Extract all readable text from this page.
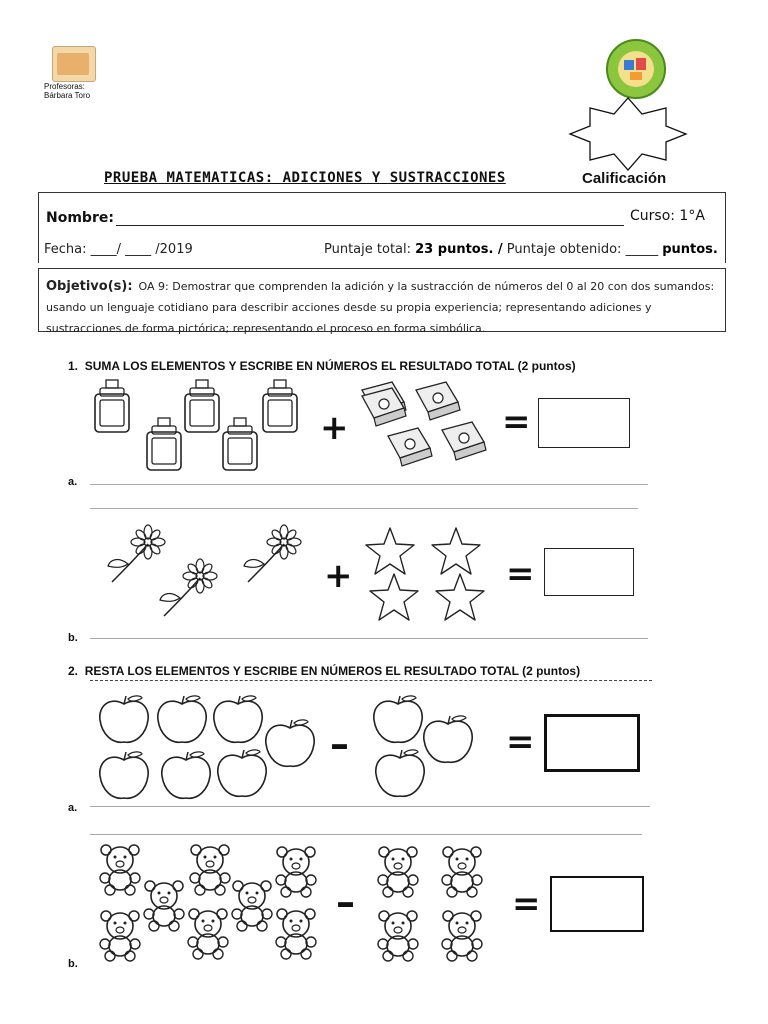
Profesoras:
Bárbara Toro
PRUEBA MATEMATICAS: ADICIONES Y SUSTRACCIONES	Calificación
Nombre:	Curso: 1°A
Fecha: ____/ ____ /2019	Puntaje total: 23 puntos. / Puntaje obtenido: _____ puntos.
Objetivo(s): OA 9: Demostrar que comprenden la adición y la sustracción de números del 0 al 20 con dos sumandos: usando un lenguaje cotidiano para describir acciones desde su propia experiencia; representando adiciones y sustracciones de forma pictórica; representando el proceso en forma simbólica.
1. SUMA LOS ELEMENTOS Y ESCRIBE EN NÚMEROS EL RESULTADO TOTAL (2 puntos)
+	=
a.
+	=
b.
2. RESTA LOS ELEMENTOS Y ESCRIBE EN NÚMEROS EL RESULTADO TOTAL (2 puntos)
–	=
a.
–	=
b.
